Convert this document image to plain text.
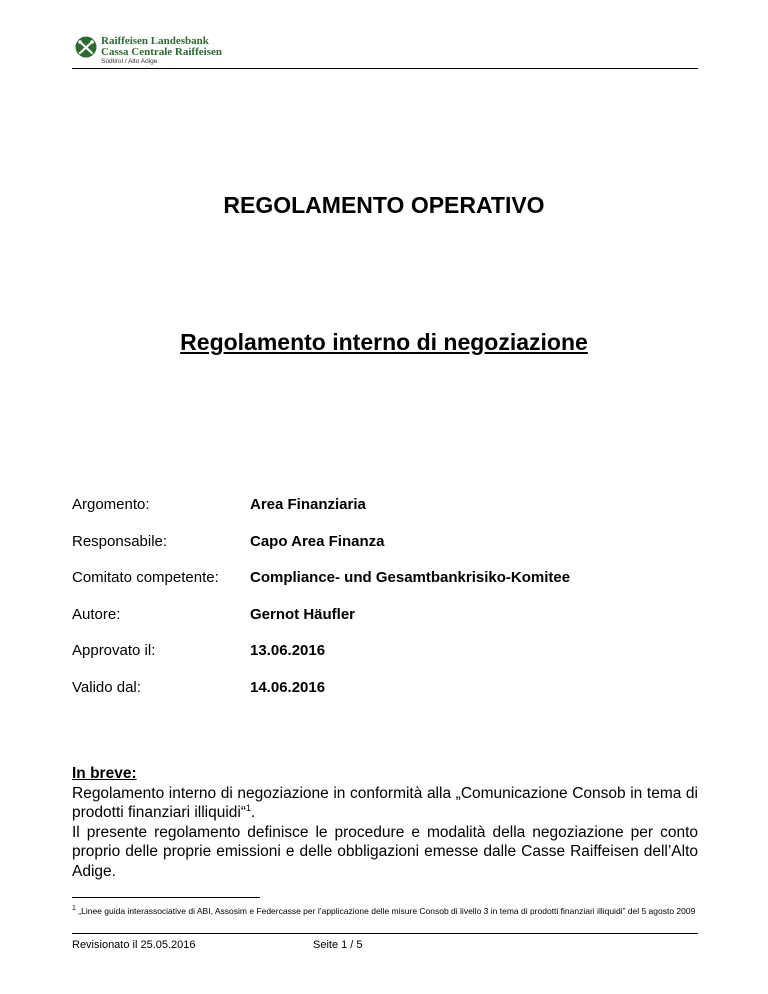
Raiffeisen Landesbank
Cassa Centrale Raiffeisen
Südtirol / Alto Adige
REGOLAMENTO OPERATIVO
Regolamento interno di negoziazione
Argomento:	Area Finanziaria
Responsabile:	Capo Area Finanza
Comitato competente:	Compliance- und Gesamtbankrisiko-Komitee
Autore:	Gernot Häufler
Approvato il:	13.06.2016
Valido dal:	14.06.2016
In breve:

Regolamento interno di negoziazione in conformità alla „Comunicazione Consob in tema di prodotti finanziari illiquidi“$^1$.

Il presente regolamento definisce le procedure e modalità della negoziazione per conto proprio delle proprie emissioni e delle obbligazioni emesse dalle Casse Raiffeisen dell’Alto Adige.

$^1$ „Linee guida interassociative di ABI, Assosim e Federcasse per l’applicazione delle misure Consob di livello 3 in tema di prodotti finanziari illiquidi” del 5 agosto 2009
Revisionato il 25.05.2016	Seite 1 / 5
